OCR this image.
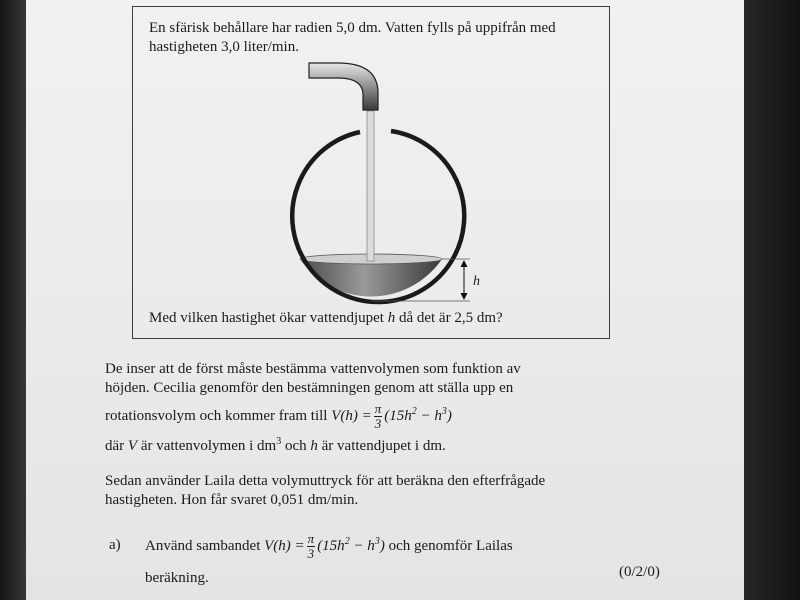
En sfärisk behållare har radien 5,0 dm. Vatten fylls på uppifrån med
hastigheten 3,0 liter/min.
h
Med vilken hastighet ökar vattendjupet h då det är 2,5 dm?
De inser att de först måste bestämma vattenvolymen som funktion av
höjden. Cecilia genomför den bestämningen genom att ställa upp en
rotationsvolym och kommer fram till $V(h) = \frac{\pi}{3} (15h^2 - h^3)$
där V är vattenvolymen i $dm^3$ och h är vattendjupet i dm.
Sedan använder Laila detta volymuttryck för att beräkna den efterfrågade
hastigheten. Hon får svaret 0,051 dm/min.
a) Använd sambandet $V(h) = \frac{\pi}{3} (15h^2 - h^3)$ och genomför Lailas
beräkning.	(0/2/0)
